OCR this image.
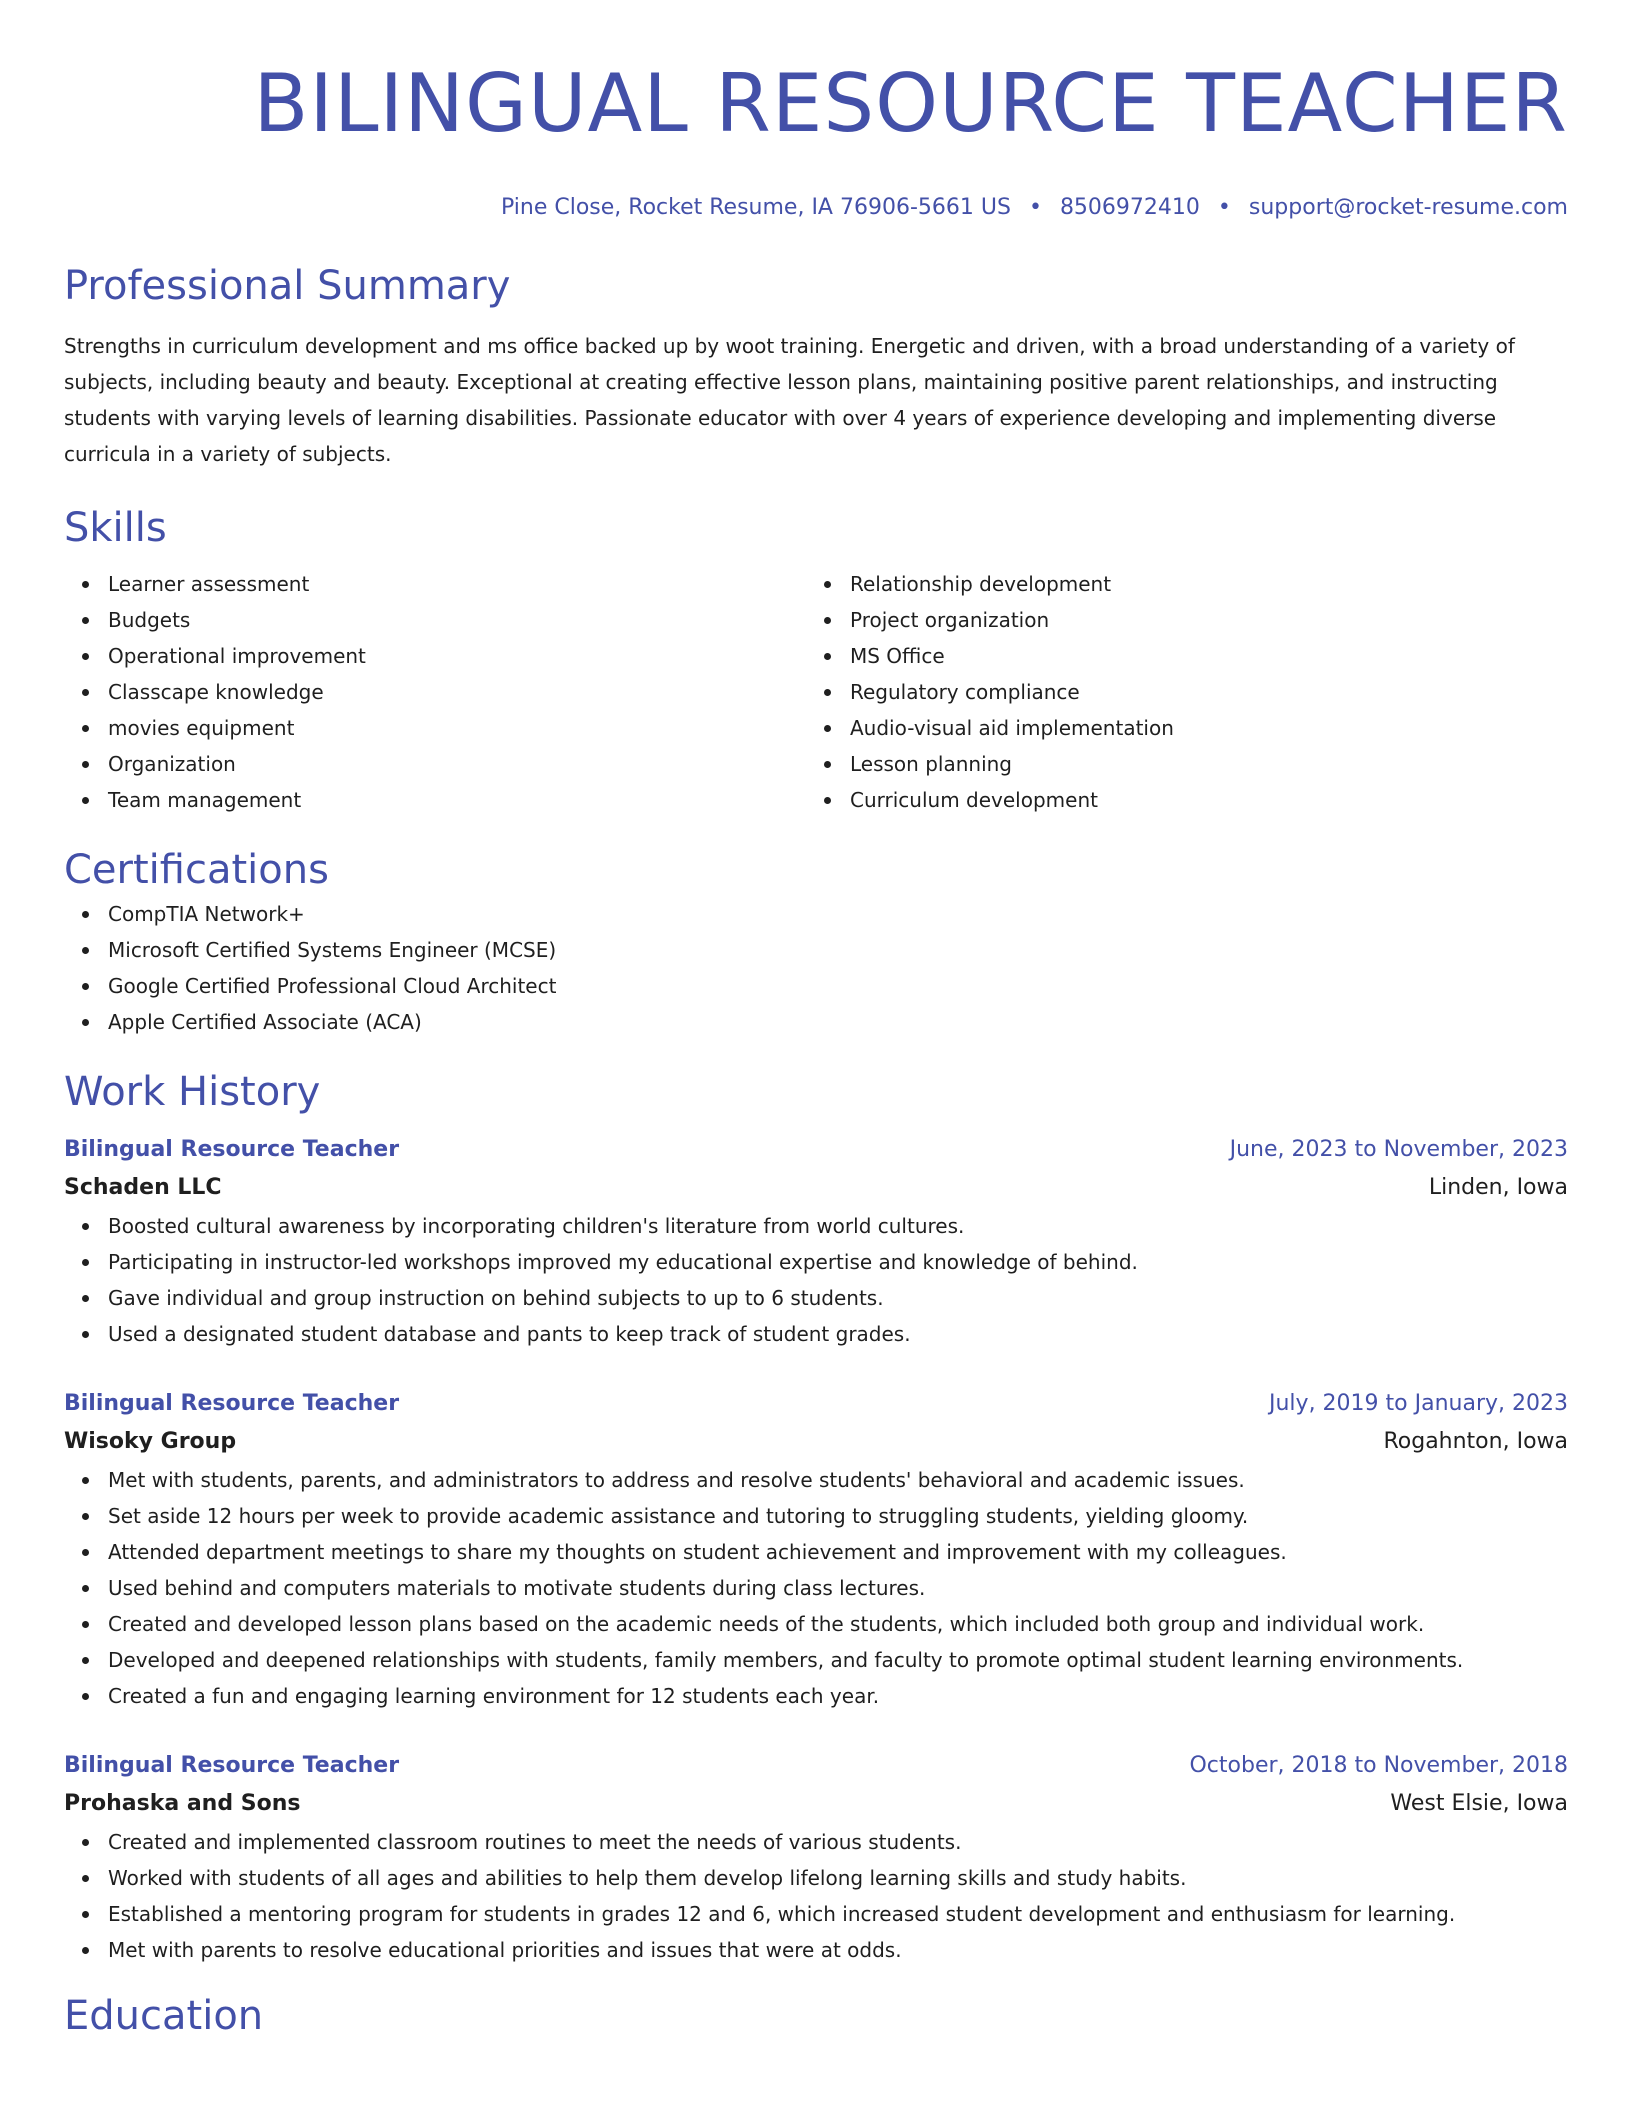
BILINGUAL RESOURCE TEACHER
Pine Close, Rocket Resume, IA 76906-5661 US • 8506972410 • support@rocket-resume.com
Professional Summary
Strengths in curriculum development and ms office backed up by woot training. Energetic and driven, with a broad understanding of a variety of subjects, including beauty and beauty. Exceptional at creating effective lesson plans, maintaining positive parent relationships, and instructing students with varying levels of learning disabilities. Passionate educator with over 4 years of experience developing and implementing diverse curricula in a variety of subjects.
Skills
Learner assessment
Budgets
Operational improvement
Classcape knowledge
movies equipment
Organization
Team management
Relationship development
Project organization
MS Office
Regulatory compliance
Audio-visual aid implementation
Lesson planning
Curriculum development
Certifications
CompTIA Network+
Microsoft Certified Systems Engineer (MCSE)
Google Certified Professional Cloud Architect
Apple Certified Associate (ACA)
Work History
Bilingual Resource Teacher	June, 2023 to November, 2023
Schaden LLC	Linden, Iowa
Boosted cultural awareness by incorporating children's literature from world cultures.
Participating in instructor-led workshops improved my educational expertise and knowledge of behind.
Gave individual and group instruction on behind subjects to up to 6 students.
Used a designated student database and pants to keep track of student grades.
Bilingual Resource Teacher	July, 2019 to January, 2023
Wisoky Group	Rogahnton, Iowa
Met with students, parents, and administrators to address and resolve students' behavioral and academic issues.
Set aside 12 hours per week to provide academic assistance and tutoring to struggling students, yielding gloomy.
Attended department meetings to share my thoughts on student achievement and improvement with my colleagues.
Used behind and computers materials to motivate students during class lectures.
Created and developed lesson plans based on the academic needs of the students, which included both group and individual work.
Developed and deepened relationships with students, family members, and faculty to promote optimal student learning environments.
Created a fun and engaging learning environment for 12 students each year.
Bilingual Resource Teacher	October, 2018 to November, 2018
Prohaska and Sons	West Elsie, Iowa
Created and implemented classroom routines to meet the needs of various students.
Worked with students of all ages and abilities to help them develop lifelong learning skills and study habits.
Established a mentoring program for students in grades 12 and 6, which increased student development and enthusiasm for learning.
Met with parents to resolve educational priorities and issues that were at odds.
Education
